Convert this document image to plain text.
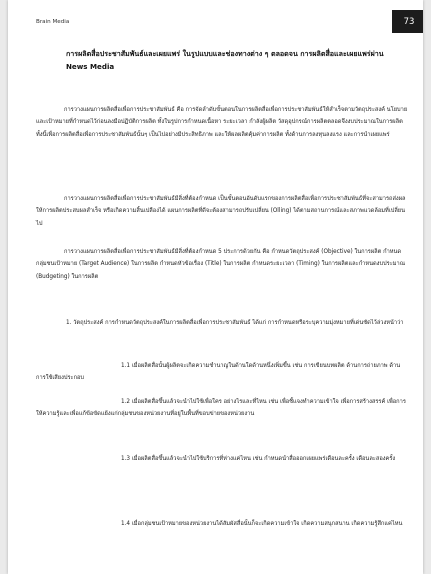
Brain Media	73
การผลิตสื่อประชาสัมพันธ์และเผยแพร่ ในรูปแบบและช่องทางต่าง ๆ ตลอดจน การผลิตสื่อและเผยแพร่ผ่าน News Media

การวางแผนการผลิตสื่อเพื่อการประชาสัมพันธ์ คือ การจัดลำดับขั้นตอนในการผลิตสื่อเพื่อการประชาสัมพันธ์ให้สำเร็จตามวัตถุประสงค์ นโยบายและเป้าหมายที่กำหนดไว้ก่อนลงมือปฏิบัติการผลิต ทั้งในรูปการกำหนดเนื้อหา ระยะเวลา กำลังผู้ผลิต วัสดุอุปกรณ์การผลิตตลอดจึงงบประมาณในการผลิต ทั้งนี้เพื่อการผลิตสื่อเพื่อการประชาสัมพันธ์นั้นๆ เป็นไปอย่างมีประสิทธิภาพ และให้ผลผลิตคุ้มค่าการผลิต ทั้งด้านการลงทุนลงแรง และการนำเผยแพร่

การวางแผนการผลิตสื่อเพื่อการประชาสัมพันธ์มีสิ่งที่ต้องกำหนด เป็นขั้นตอนอันดับแรกของการผลิตสื่อเพื่อการประชาสัมพันธ์ที่จะสามารถส่งผลให้การผลิตประสบผลสำเร็จ หรือเกิดความสิ้นเปลืองได้ แผนการผลิตที่ดีจะต้องสามารถปรับเปลี่ยน (Olling) ได้ตามสถานการณ์และสภาพแวดล้อมที่เปลี่ยนไป

การวางแผนการผลิตสื่อเพื่อการประชาสัมพันธ์มีสิ่งที่ต้องกำหนด 5 ประการด้วยกัน คือ กำหนดวัตถุประสงค์ (Objective) ในการผลิต กำหนดกลุ่มชนเป้าหมาย (Target Audience) ในการผลิต กำหนดหัวข้อเรื่อง (Title) ในการผลิต กำหนดระยะเวลา (Timing) ในการผลิตและกำหนดงบประมาณ (Budgeting) ในการผลิต

1. วัตถุประสงค์ การกำหนดวัตถุประสงค์ในการผลิตสื่อเพื่อการประชาสัมพันธ์ ได้แก่ การกำหนดหรือระบุความมุ่งหมายที่เด่นชัดไว้ล่วงหน้าว่า

1.1 เมื่อผลิตสื่อนั้นผู้ผลิตจะเกิดความชำนาญในด้านใดด้านหนึ่งเพิ่มขึ้น เช่น การเขียนบทผลิต ด้านการถ่ายภาพ ด้านการใช้เสียงประกอบ

1.2 เมื่อผลิตสื่อขึ้นแล้วจะนำไปใช้เพื่อใคร อย่างไรและที่ไหน เช่น เพื่อชี้แจงทำความเข้าใจ เพื่อการสร้างสรรค์ เพื่อการให้ความรู้และเพื่อแก้ข้อขัดแย้งแก่กลุ่มชนของหน่วยงานที่อยู่ในพื้นที่ขอบข่ายของหน่วยงาน

1.3 เมื่อผลิตสื่อขึ้นแล้วจะนำไปใช้บริการที่ห่างแค่ไหน เช่น กำหนดนำสื่อออกเผยแพร่เดือนละครั้ง เดือนละสองครั้ง

1.4 เมื่อกลุ่มชนเป้าหมายของหน่วยงานได้สัมผัสสื่อนั้นก็จะเกิดความเข้าใจ เกิดความสนุกสนาน เกิดความรู้สึกแค่ไหน
